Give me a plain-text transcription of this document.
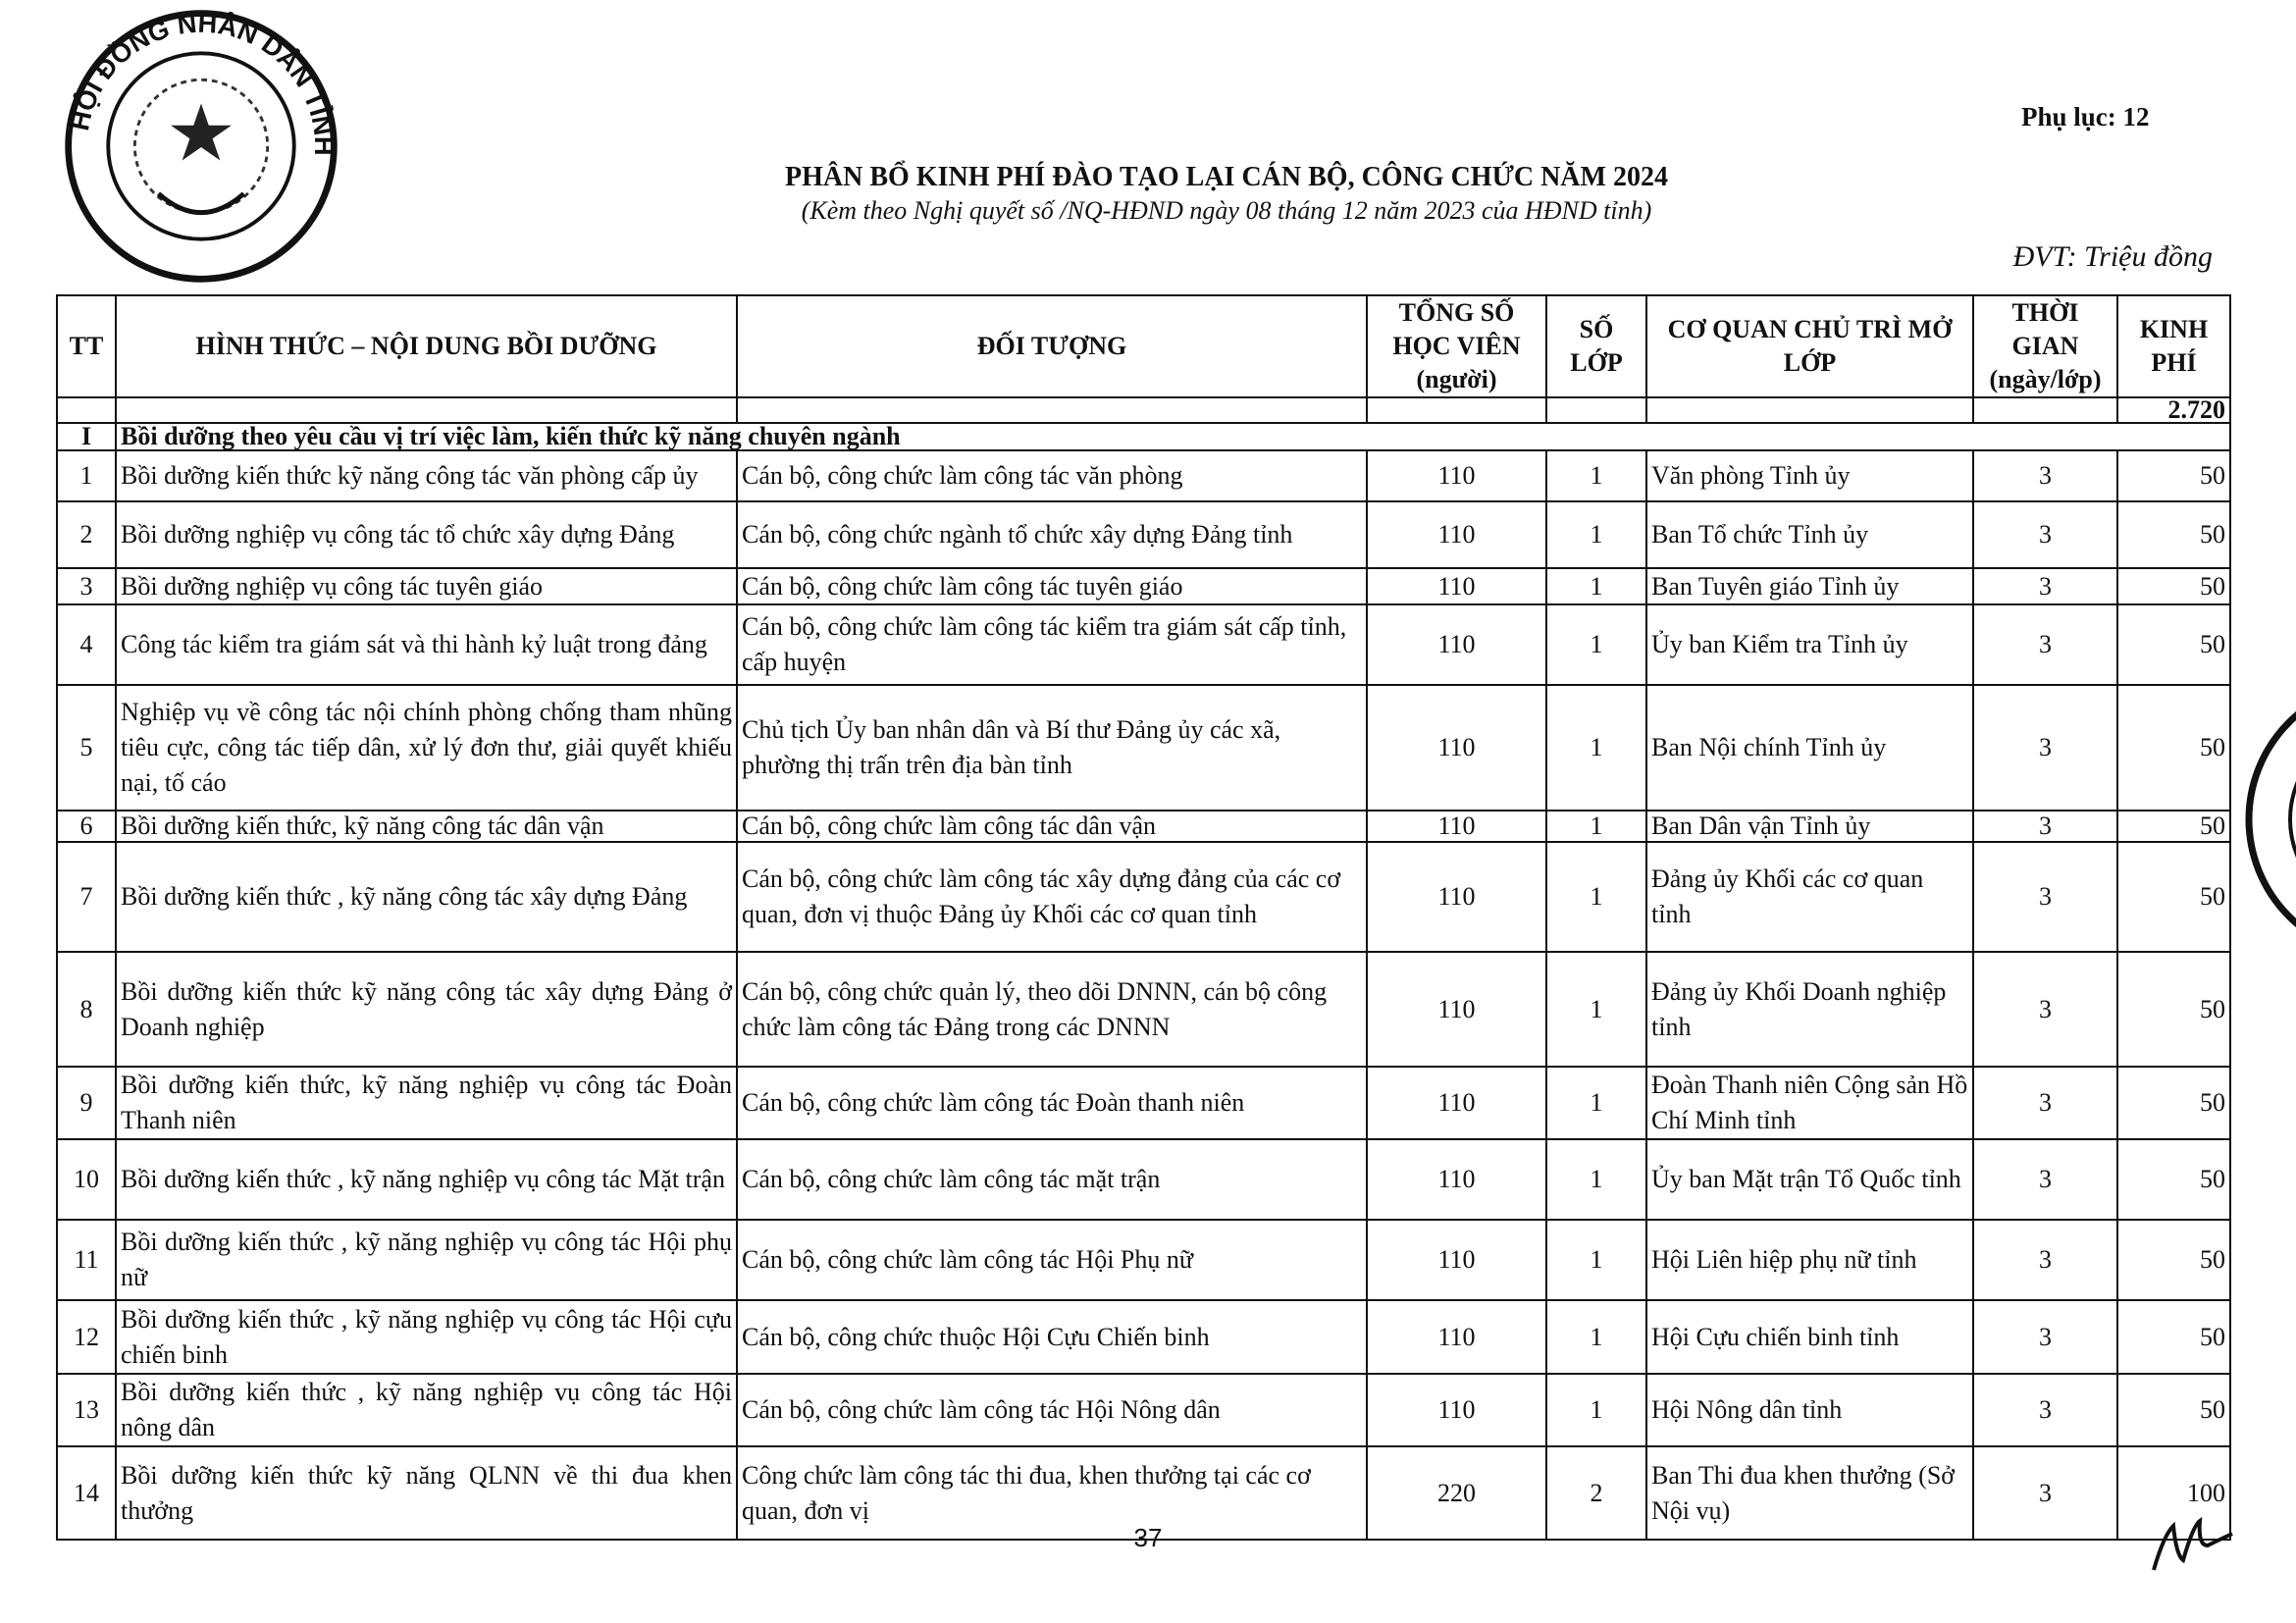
Phụ lục: 12
PHÂN BỔ KINH PHÍ ĐÀO TẠO LẠI CÁN BỘ, CÔNG CHỨC NĂM 2024
(Kèm theo Nghị quyết số /NQ-HĐND ngày 08 tháng 12 năm 2023 của HĐND tỉnh)
ĐVT: Triệu đồng
TT	HÌNH THỨC – NỘI DUNG BỒI DƯỠNG	ĐỐI TƯỢNG	TỔNG SỐ HỌC VIÊN (người)	SỐ LỚP	CƠ QUAN CHỦ TRÌ MỞ LỚP	THỜI GIAN (ngày/lớp)	KINH PHÍ
							2.720
I	Bồi dưỡng theo yêu cầu vị trí việc làm, kiến thức kỹ năng chuyên ngành						
1	Bồi dưỡng kiến thức kỹ năng công tác văn phòng cấp ủy	Cán bộ, công chức làm công tác văn phòng	110	1	Văn phòng Tỉnh ủy	3	50
2	Bồi dưỡng nghiệp vụ công tác tổ chức xây dựng Đảng	Cán bộ, công chức ngành tổ chức xây dựng Đảng tỉnh	110	1	Ban Tổ chức Tỉnh ủy	3	50
3	Bồi dưỡng nghiệp vụ công tác tuyên giáo	Cán bộ, công chức làm công tác tuyên giáo	110	1	Ban Tuyên giáo Tỉnh ủy	3	50
4	Công tác kiểm tra giám sát và thi hành kỷ luật trong đảng	Cán bộ, công chức làm công tác kiểm tra giám sát cấp tỉnh, cấp huyện	110	1	Ủy ban Kiểm tra Tỉnh ủy	3	50
5	Nghiệp vụ về công tác nội chính phòng chống tham nhũng tiêu cực, công tác tiếp dân, xử lý đơn thư, giải quyết khiếu nại, tố cáo	Chủ tịch Ủy ban nhân dân và Bí thư Đảng ủy các xã, phường thị trấn trên địa bàn tỉnh	110	1	Ban Nội chính Tỉnh ủy	3	50
6	Bồi dưỡng kiến thức, kỹ năng công tác dân vận	Cán bộ, công chức làm công tác dân vận	110	1	Ban Dân vận Tỉnh ủy	3	50
7	Bồi dưỡng kiến thức , kỹ năng công tác xây dựng Đảng	Cán bộ, công chức làm công tác xây dựng đảng của các cơ quan, đơn vị thuộc Đảng ủy Khối các cơ quan tỉnh	110	1	Đảng ủy Khối các cơ quan tỉnh	3	50
8	Bồi dưỡng kiến thức kỹ năng công tác xây dựng Đảng ở Doanh nghiệp	Cán bộ, công chức quản lý, theo dõi DNNN, cán bộ công chức làm công tác Đảng trong các DNNN	110	1	Đảng ủy Khối Doanh nghiệp tỉnh	3	50
9	Bồi dưỡng kiến thức, kỹ năng nghiệp vụ công tác Đoàn Thanh niên	Cán bộ, công chức làm công tác Đoàn thanh niên	110	1	Đoàn Thanh niên Cộng sản Hồ Chí Minh tỉnh	3	50
10	Bồi dưỡng kiến thức , kỹ năng nghiệp vụ công tác Mặt trận	Cán bộ, công chức làm công tác mặt trận	110	1	Ủy ban Mặt trận Tổ Quốc tỉnh	3	50
11	Bồi dưỡng kiến thức , kỹ năng nghiệp vụ công tác Hội phụ nữ	Cán bộ, công chức làm công tác Hội Phụ nữ	110	1	Hội Liên hiệp phụ nữ tỉnh	3	50
12	Bồi dưỡng kiến thức , kỹ năng nghiệp vụ công tác Hội cựu chiến binh	Cán bộ, công chức thuộc Hội Cựu Chiến binh	110	1	Hội Cựu chiến binh tỉnh	3	50
13	Bồi dưỡng kiến thức , kỹ năng nghiệp vụ công tác Hội nông dân	Cán bộ, công chức làm công tác Hội Nông dân	110	1	Hội Nông dân tỉnh	3	50
14	Bồi dưỡng kiến thức kỹ năng QLNN về thi đua khen thưởng	Công chức làm công tác thi đua, khen thưởng tại các cơ quan, đơn vị	220	2	Ban Thi đua khen thưởng (Sở Nội vụ)	3	100
HỘI ĐỒNG NHÂN DÂN TỈNH
37
